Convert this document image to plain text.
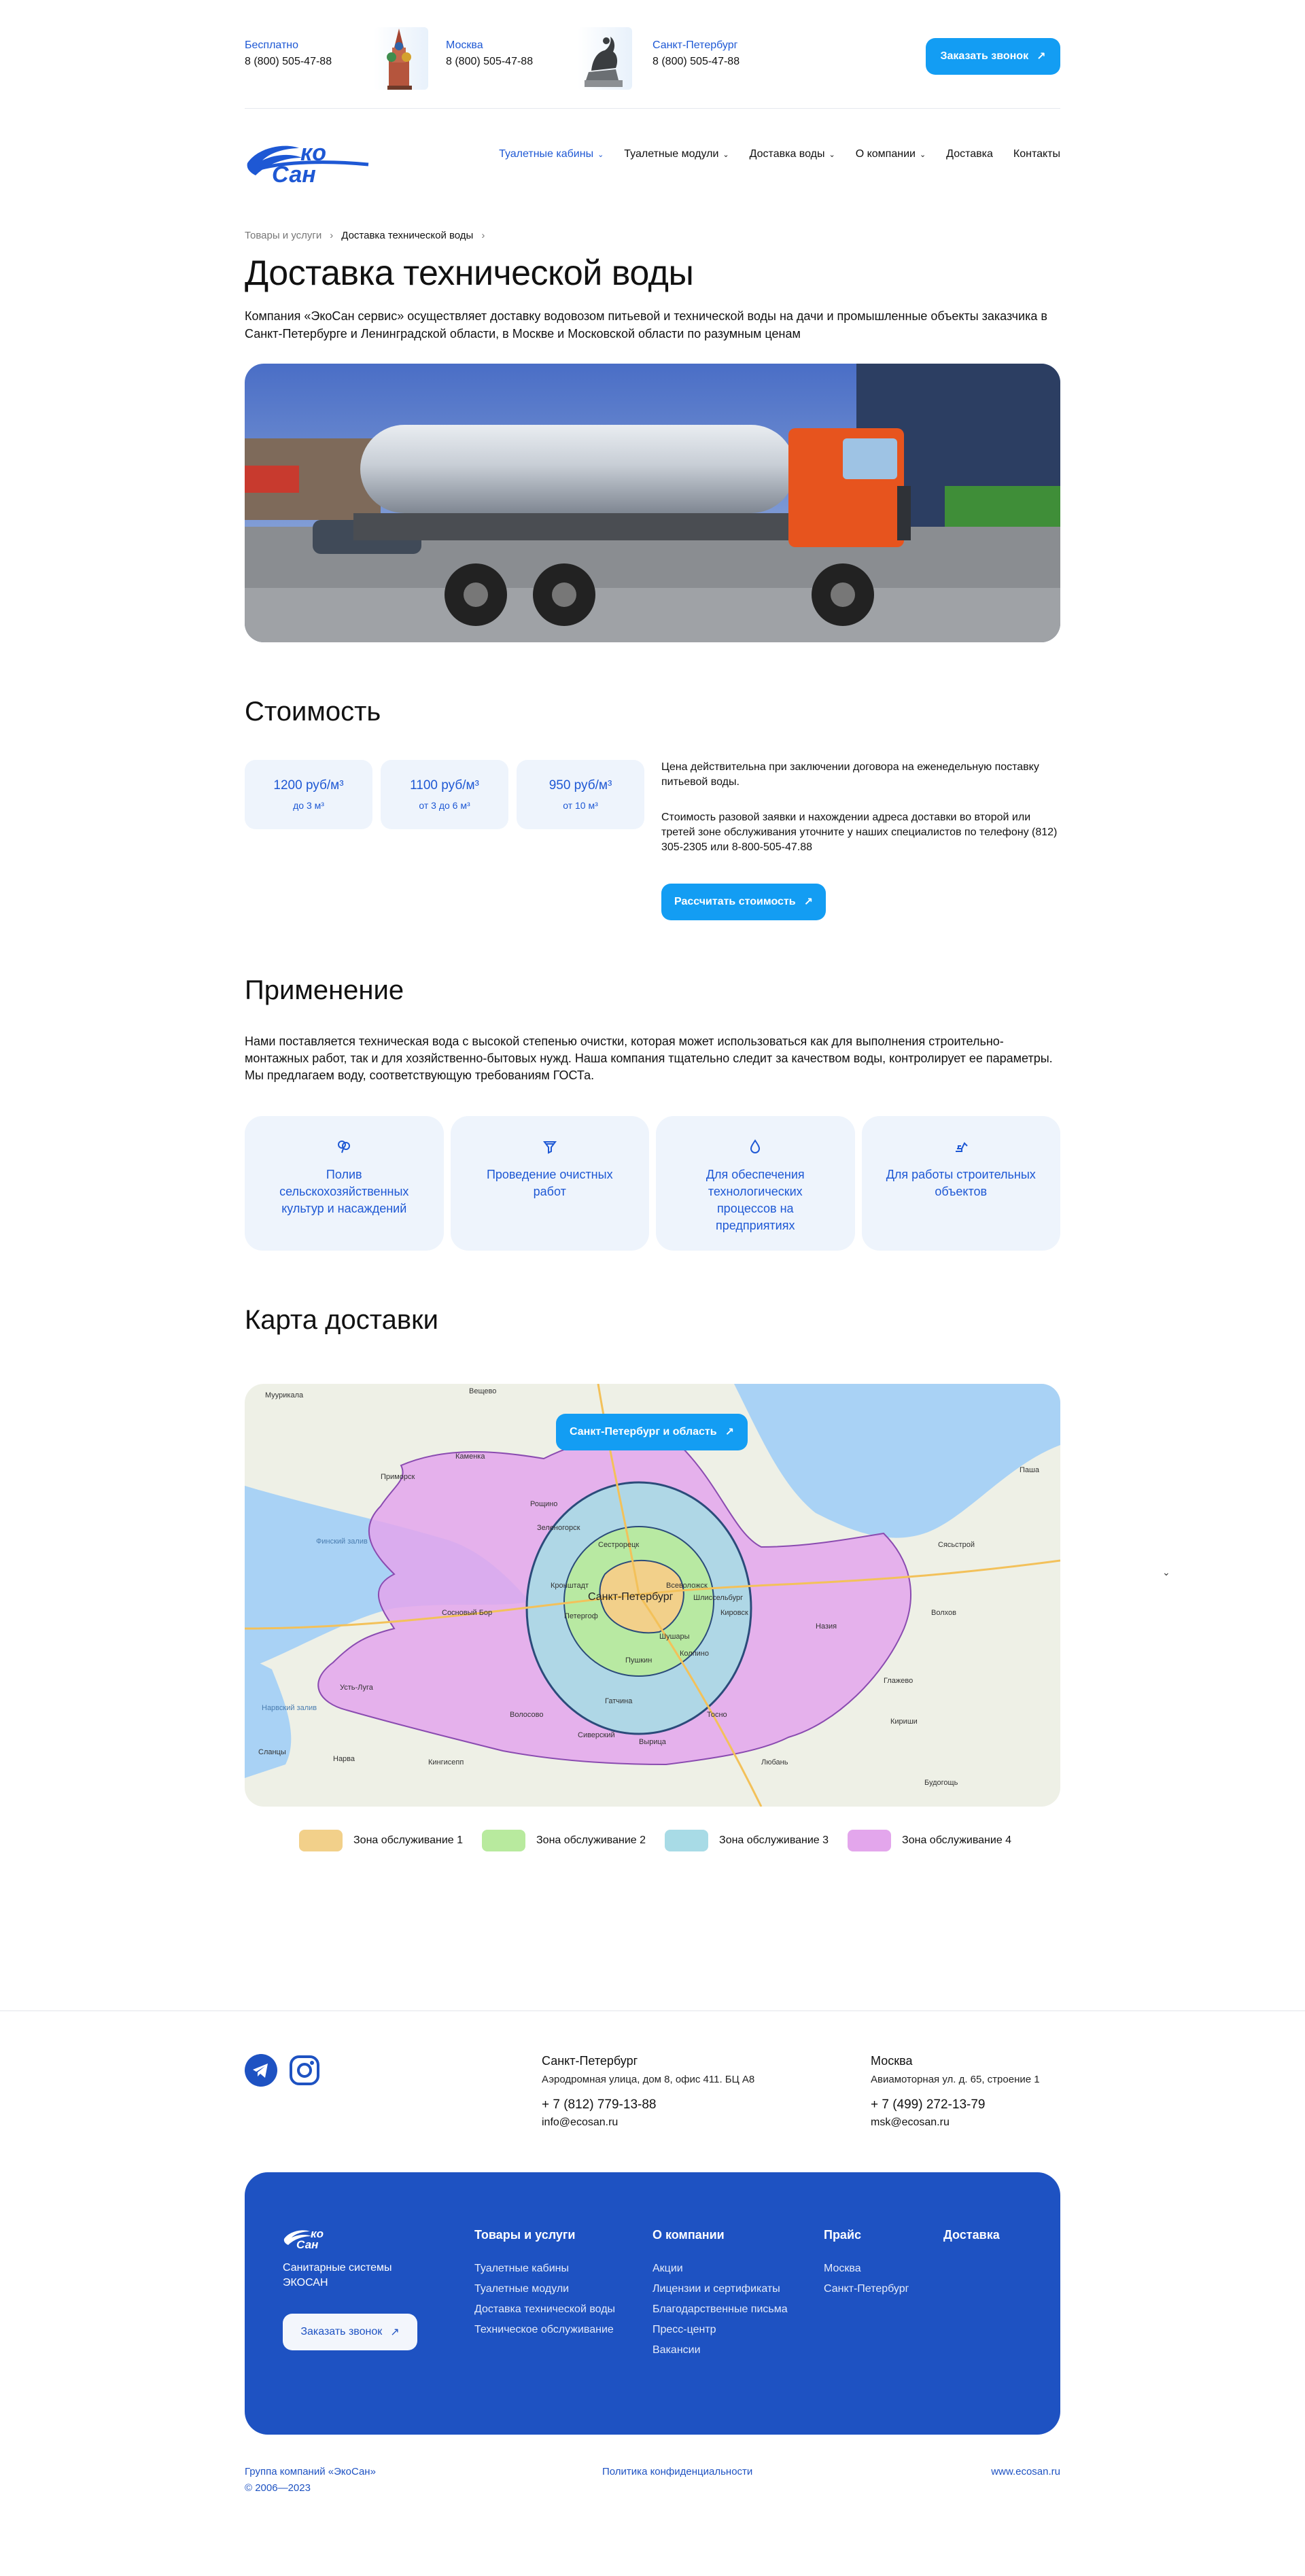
Бесплатно
8 (800) 505-47-88
Москва
8 (800) 505-47-88
Санкт-Петербург
8 (800) 505-47-88	Заказать звонок ↗
ко
Сан
Туалетные кабины ⌄ Туалетные модули ⌄ Доставка воды ⌄ О компании ⌄ Доставка Контакты
Товары и услуги › Доставка технической воды ›
Доставка технической воды

Компания «ЭкоСан сервис» осуществляет доставку водовозом питьевой и технической воды на дачи и промышленные объекты заказчика в Санкт-Петербурге и Ленинградской области, в Москве и Московской области по разумным ценам

Стоимость
1200 руб/м³
до 3 м³
1100 руб/м³
от 3 до 6 м³
950 руб/м³
от 10 м³

Цена действительна при заключении договора на еженедельную поставку питьевой воды.

Стоимость разовой заявки и нахождении адреса доставки во второй или третей зоне обслуживания уточните у наших специалистов по телефону (812) 305-2305 или 8-800-505-47.88

Рассчитать стоимость ↗
Применение

Нами поставляется техническая вода с высокой степенью очистки, которая может использоваться как для выполнения строительно-монтажных работ, так и для хозяйственно-бытовых нужд. Наша компания тщательно следит за качеством воды, контролирует ее параметры. Мы предлагаем воду, соответствующую требованиям ГОСТа.

Полив сельскохозяйственных культур и насаждений
Проведение очистных работ
Для обеспечения технологических процессов на предприятиях
Для работы строительных объектов
Карта доставки
Санкт-Петербург
Финский залив
Нарвский залив
Муурикала	Вещево
Каменка
Приморск
Рощино
Зеленогорск
Сестрорецк
Всеволожск
Кронштадт
Шлиссельбург
Кировск
Петергоф
Шушары
Колпино
Пушкин
Гатчина
Тосно
Сосновый Бор
Кингисепп
Волосово
Сиверский
Вырица
Любань
Нарва
Усть-Луга
Назия
Волхов
Сясьстрой
Паша
Глажево
Кириши
Будогощь
Сланцы
Санкт-Петербург и область ↗
⌄
Зона обслуживание 1	Зона обслуживание 2	Зона обслуживание 3	Зона обслуживание 4
Санкт-Петербург
Аэродромная улица, дом 8, офис 411. БЦ А8
+ 7 (812) 779-13-88
info@ecosan.ru
Москва
Авиамоторная ул. д. 65, строение 1
+ 7 (499) 272-13-79
msk@ecosan.ru
ко
Сан
Санитарные системы ЭКОСАН
Заказать звонок ↗
Товары и услуги
Туалетные кабины
Туалетные модули
Доставка технической воды
Техническое обслуживание
О компании
Акции
Лицензии и сертификаты
Благодарственные письма
Пресс-центр
Вакансии
Прайс
Москва
Санкт-Петербург
Доставка
Группа компаний «ЭкоСан»
© 2006—2023
Политика конфиденциальности	www.ecosan.ru
